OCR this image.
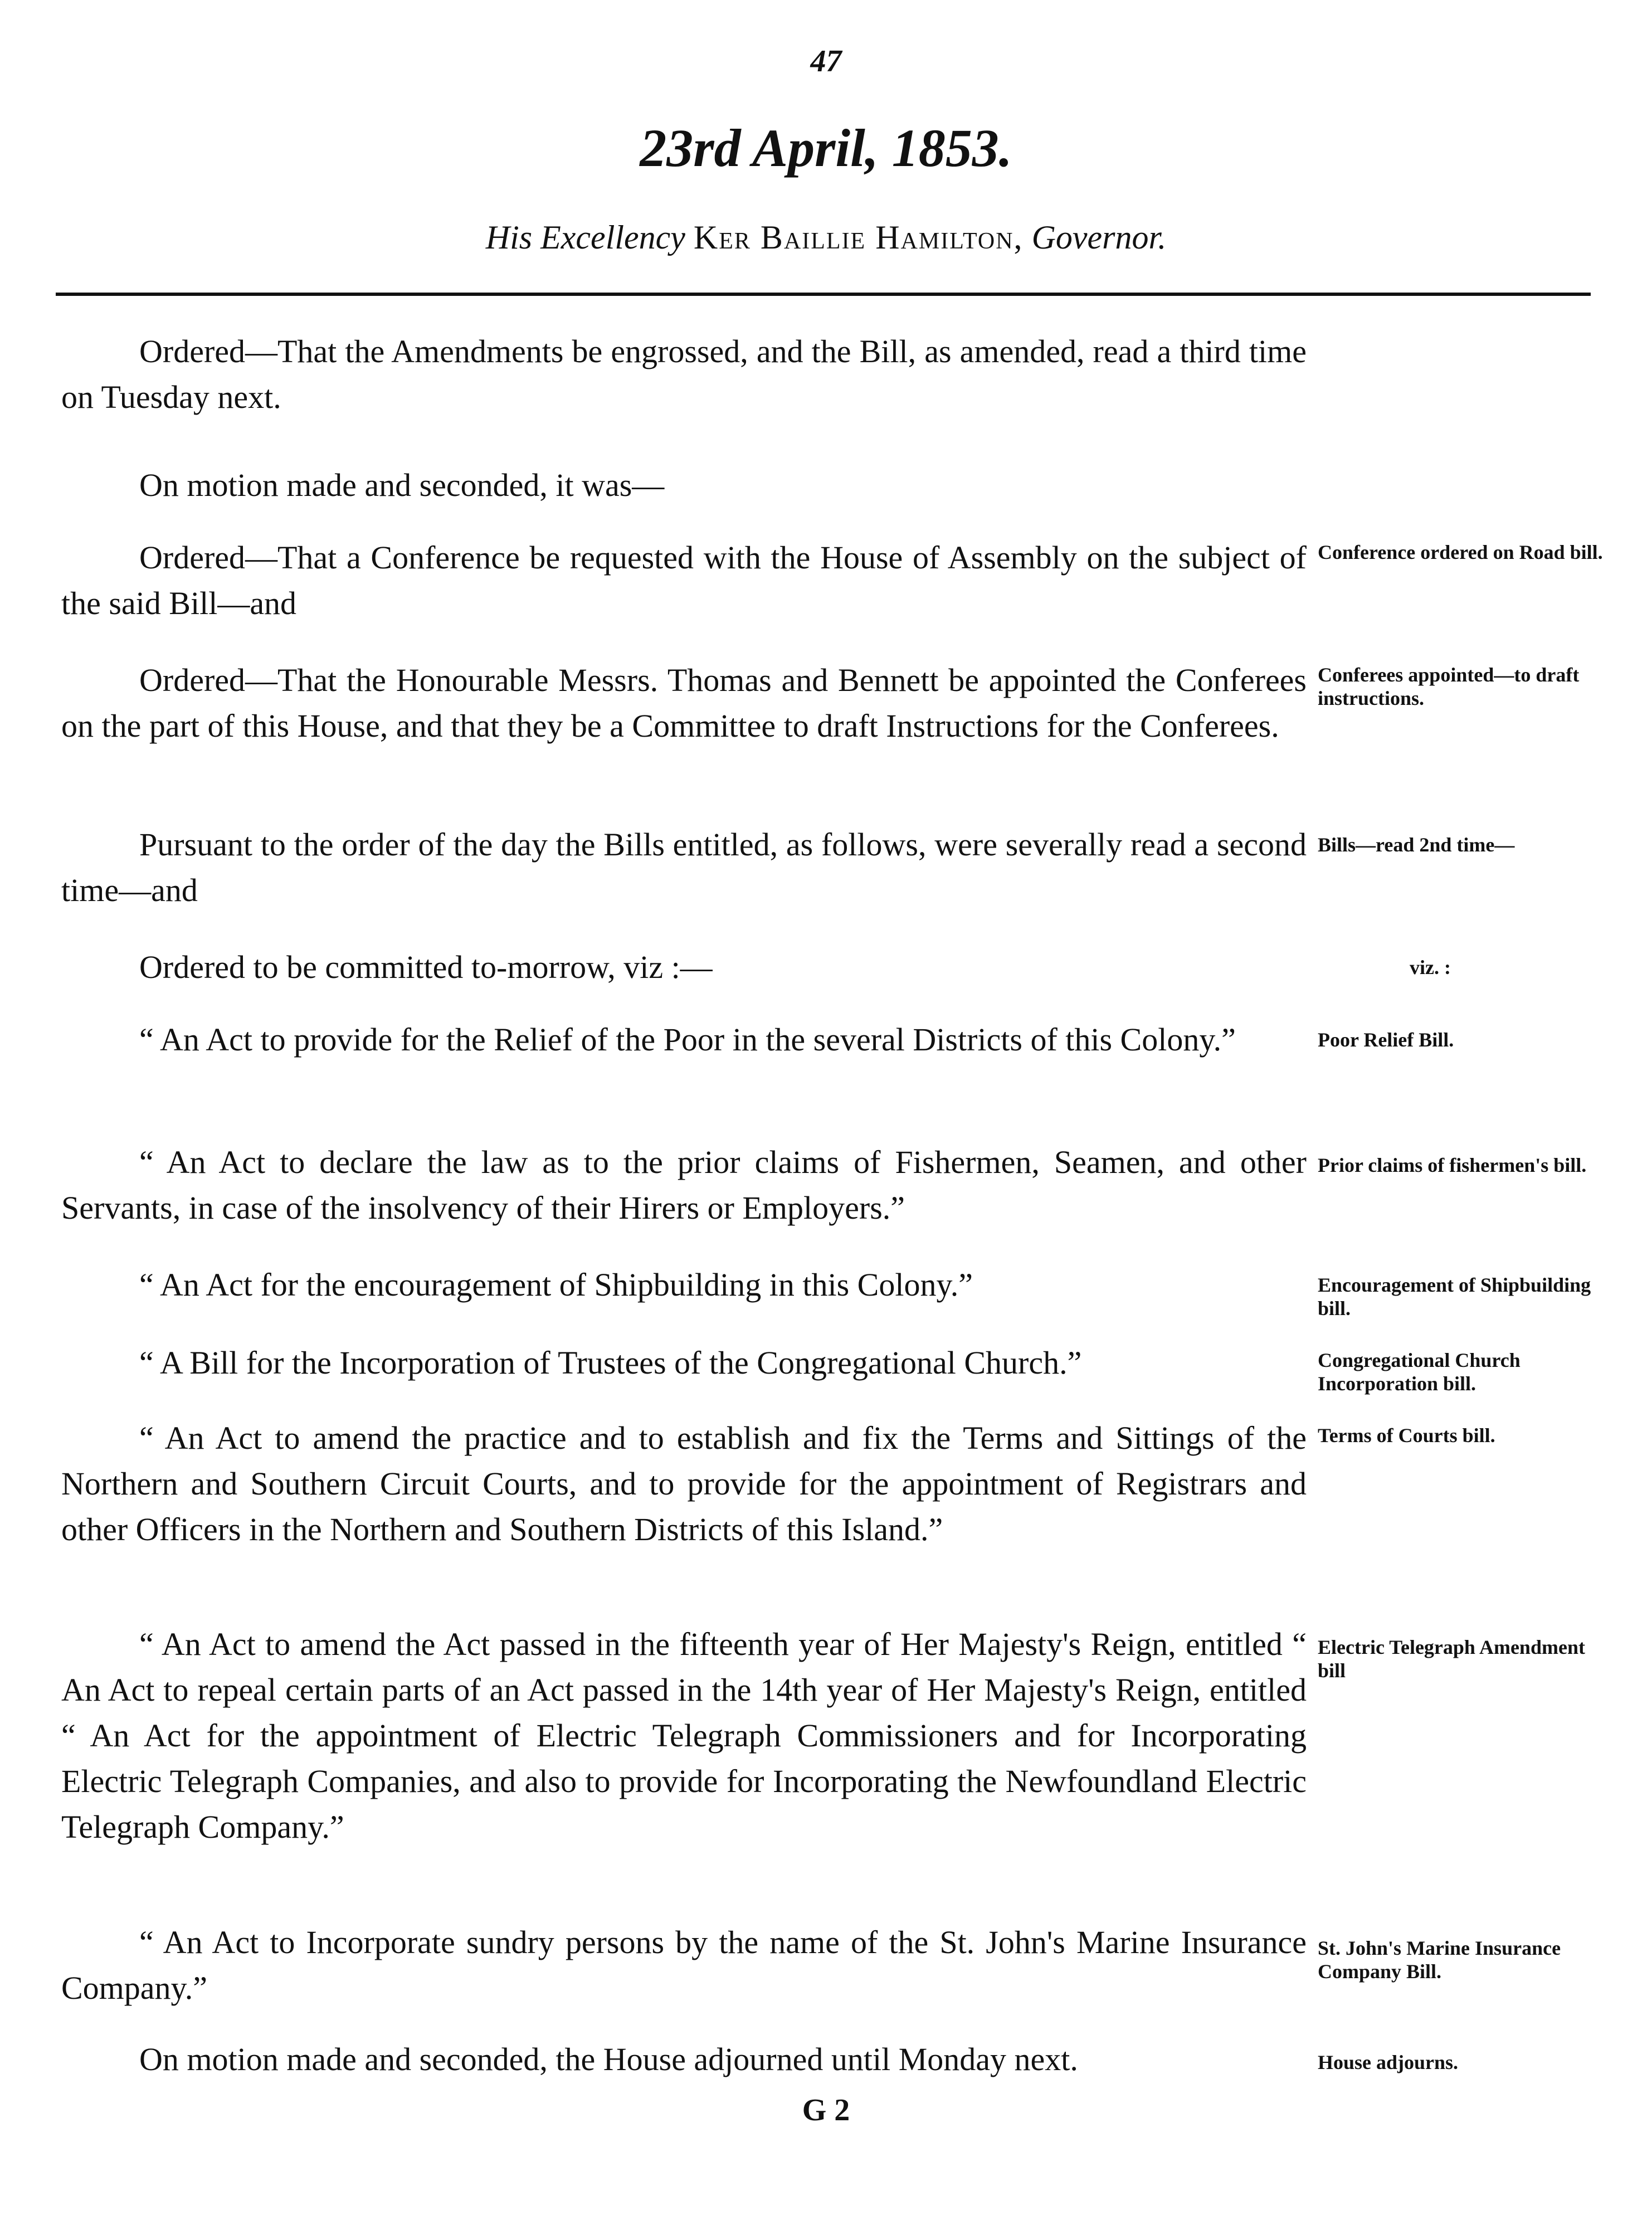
47
23rd April, 1853.
His Excellency Ker Baillie Hamilton, Governor.
Ordered—That the Amendments be engrossed, and the Bill, as amended, read a third time on Tuesday next.
On motion made and seconded, it was—
Ordered—That a Conference be requested with the House of Assembly on the subject of the said Bill—and
Conference ordered on Road bill.
Ordered—That the Honourable Messrs. Thomas and Bennett be appointed the Conferees on the part of this House, and that they be a Committee to draft Instructions for the Conferees.
Conferees appointed—to draft instructions.
Pursuant to the order of the day the Bills entitled, as follows, were severally read a second time—and
Bills—read 2nd time—
Ordered to be committed to-morrow, viz :—	viz. :
“ An Act to provide for the Relief of the Poor in the several Districts of this Colony.”	Poor Relief Bill.
“ An Act to declare the law as to the prior claims of Fishermen, Seamen, and other Servants, in case of the insolvency of their Hirers or Employers.”
Prior claims of fishermen's bill.
“ An Act for the encouragement of Shipbuilding in this Colony.”	Encouragement of Shipbuilding bill.
“ A Bill for the Incorporation of Trustees of the Congregational Church.”	Congregational Church Incorporation bill.
“ An Act to amend the practice and to establish and fix the Terms and Sittings of the Northern and Southern Circuit Courts, and to provide for the appointment of Registrars and other Officers in the Northern and Southern Districts of this Island.”
Terms of Courts bill.
“ An Act to amend the Act passed in the fifteenth year of Her Majesty's Reign, entitled “ An Act to repeal certain parts of an Act passed in the 14th year of Her Majesty's Reign, entitled “ An Act for the appointment of Electric Telegraph Commissioners and for Incorporating Electric Telegraph Companies, and also to provide for Incorporating the Newfoundland Electric Telegraph Company.”
Electric Telegraph Amendment bill
“ An Act to Incorporate sundry persons by the name of the St. John's Marine Insurance Company.”
St. John's Marine Insurance Company Bill.
On motion made and seconded, the House adjourned until Monday next.	House adjourns.
G 2
